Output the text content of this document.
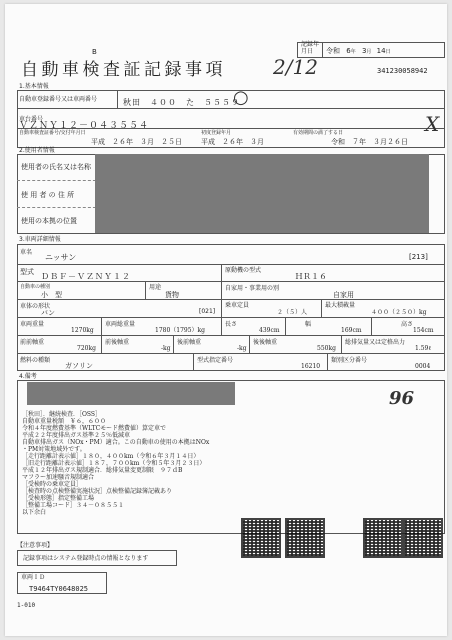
B
記録年月日	令和 6年 3月 14日
自動車検査証記録事項 2/12	341230058942
1.基本情報
自動車登録番号又は車両番号	秋田　４００　た　５５５９
○
車台番号
ＶＺＮＹ１２－０４３５５４
自動車検査証番号/交付年月日
平成　２６年　３月　２５日
初度登録年月
平成　２６年　３月
有効期間の満了する日
令和　７年　３月２６日
X
2.使用者情報
使用者の氏名又は名称
使 用 者 の 住 所
使用の本拠の位置
3.車両詳細情報
車名
ニッサン	[213]
型式 ＤＢＦ－ＶＺＮＹ１２
原動機の型式
ＨＲ１６
自動車の種別
小　型
用途
貨物
自家用・事業用の別
自家用
車体の形状
バン	[021]
乗車定員
２（５）人
最大積載量
４００（２５０）kg
車両重量
1270kg
車両総重量
1780（1795）kg
長さ
439cm
幅
169cm
高さ
154cm
前前軸重
720kg
前後軸重
-kg
後前軸重
-kg
後後軸重
550kg
総排気量又は定格出力
1.59ℓ
燃料の種類
ガソリン
型式指定番号
16210
類別区分番号
0004
4.備考
96
［秋田］．継続検査．［OSS］
自動車重量税額　￥６，６００
令和４年度燃費基準（WLTCモード燃費値）算定車で
平成２２年度排出ガス基準２５％低減車
自動車排出ガス（NOx・PM）適合。この自動車の使用の本拠はNOx
・PM対策地域外です。
［走行距離計表示値］１８０，４００km（令和６年３月１４日）
［旧走行距離計表示値］１８７，７００km（令和５年３月２３日）
平成１２年排出ガス規制適合．総排気量変更制限　９７ｄB
マフラー加速騒音規制適合
［受検時の乗車定員］
［検査時の点検整備実施状況］点検整備記録簿記載あり
［受検形態］指定整備工場
［整備工場コード］３４－０８５５１
以下余白
【注意事項】
記録事項はシステム登録時点の情報となります
車両ＩＤ
T9464TY0648025
1-010
